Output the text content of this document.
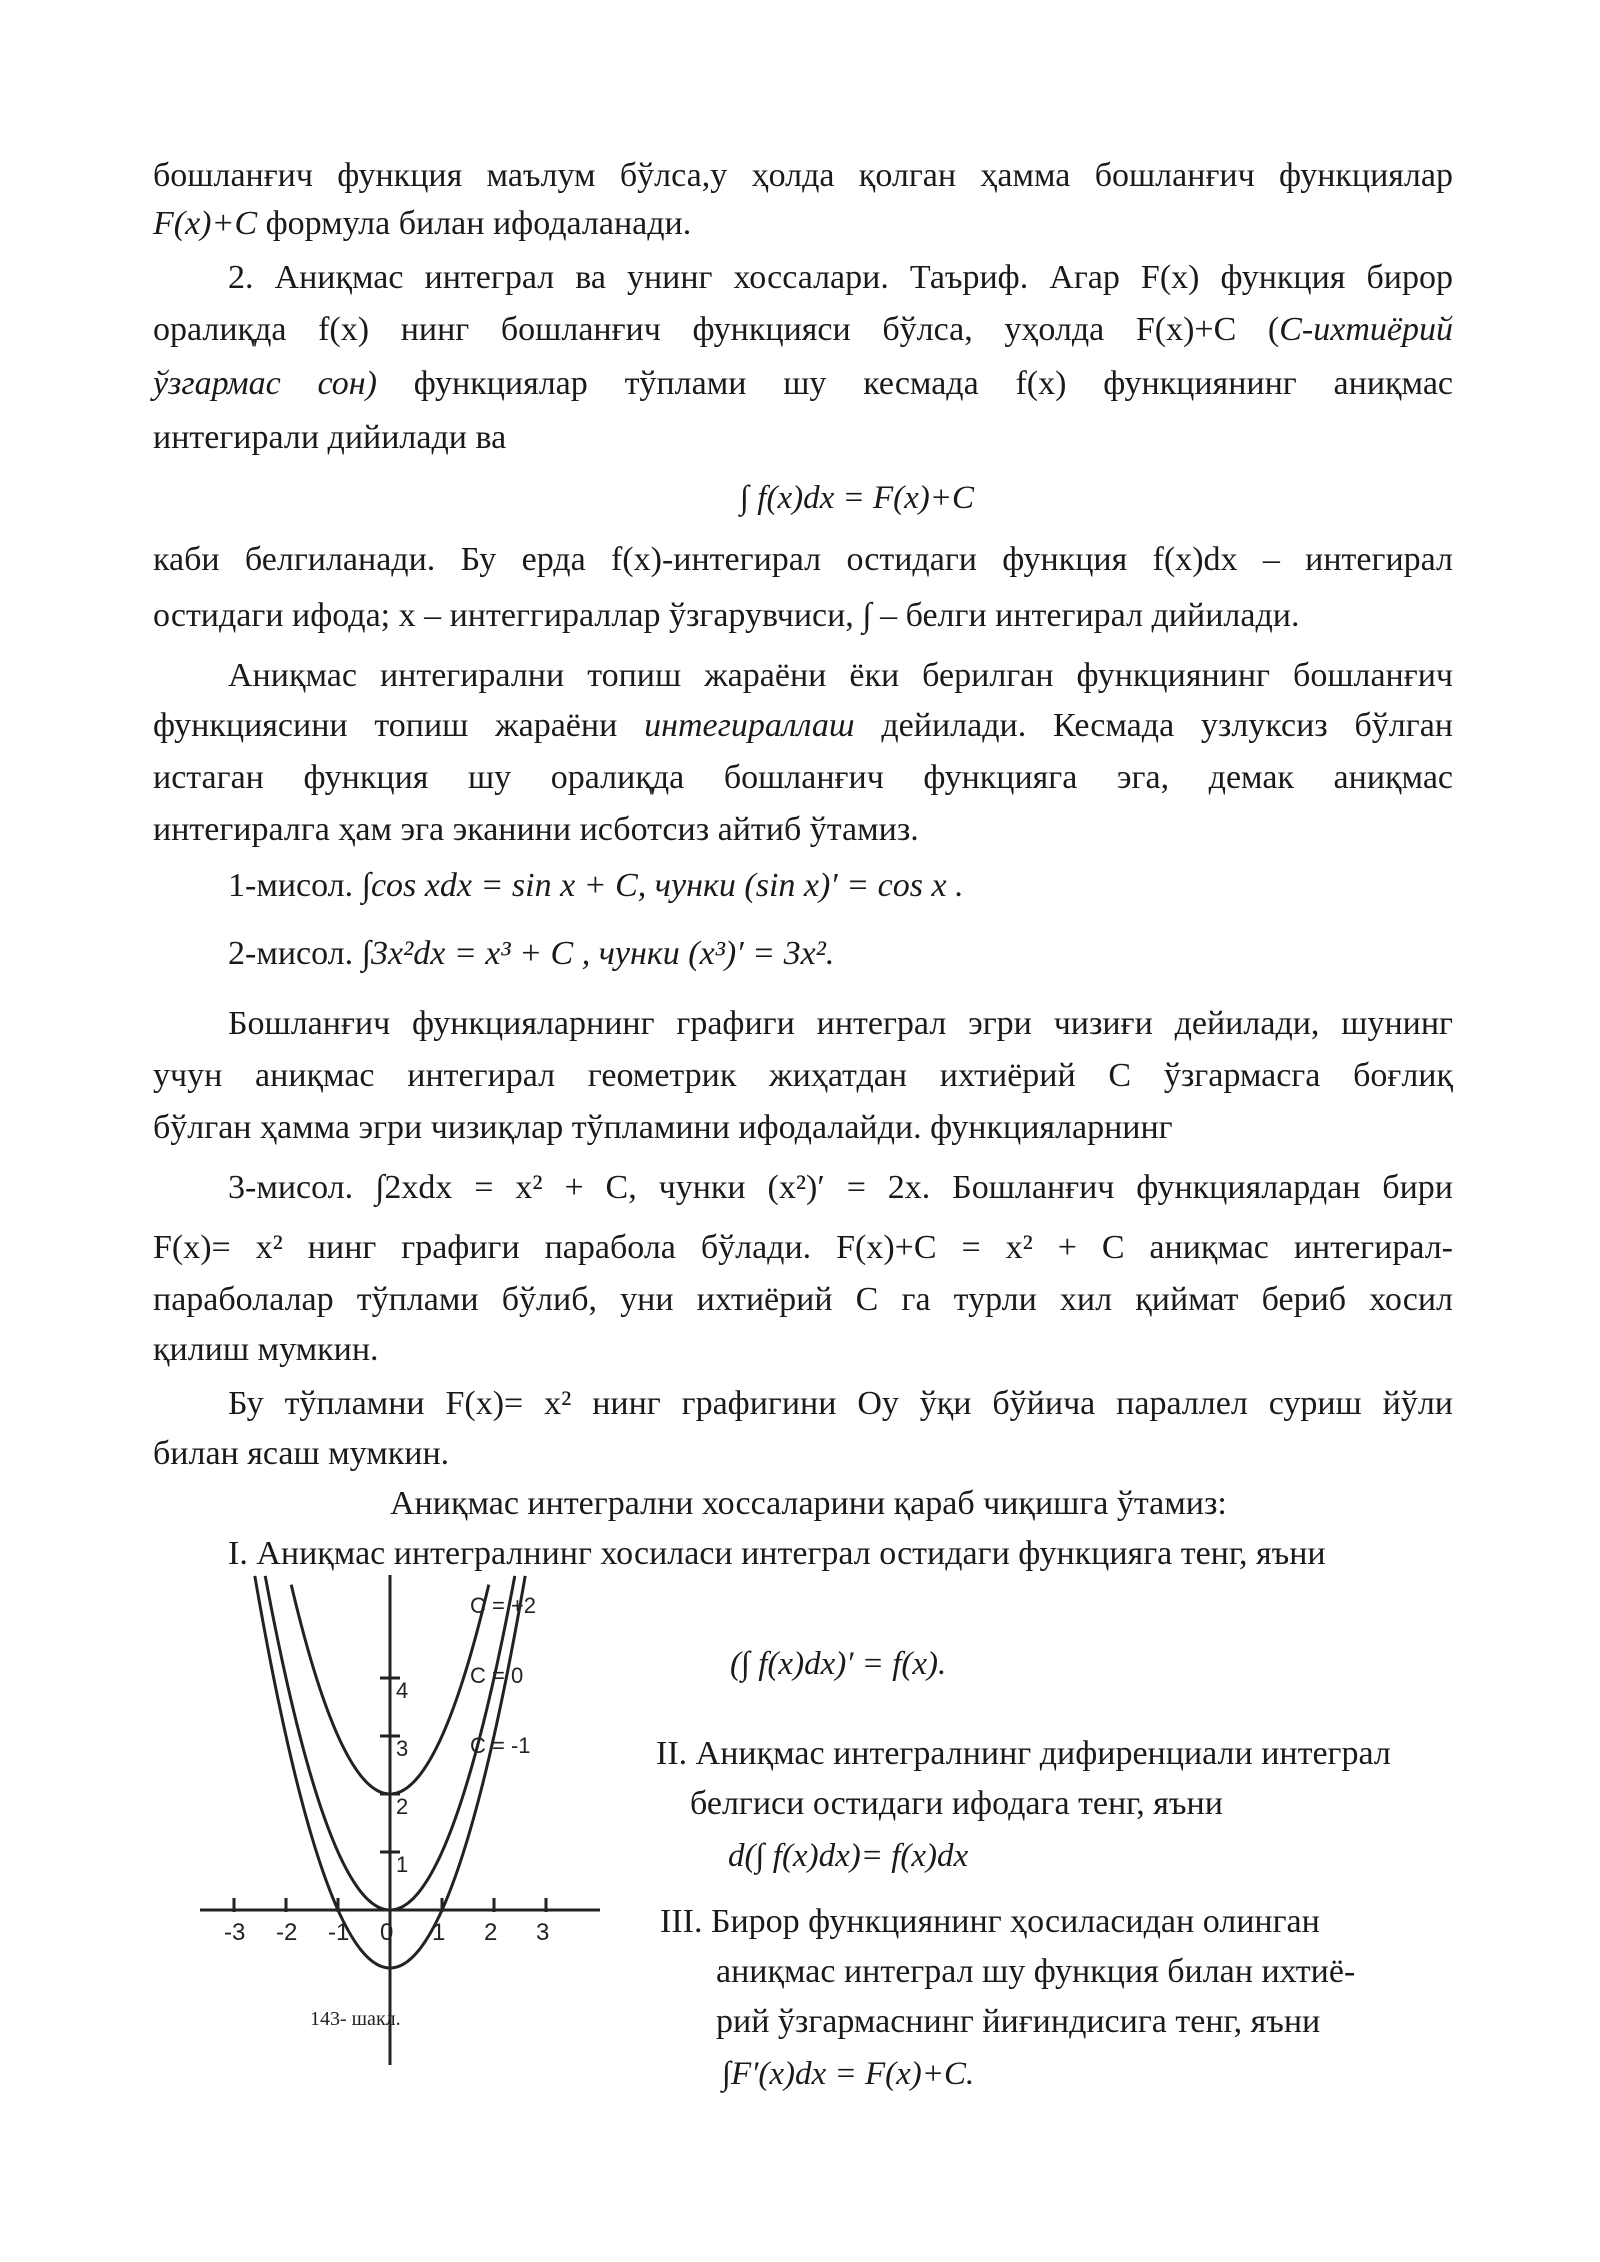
бошланғич функция маълум бўлса,у ҳолда қолган ҳамма бошланғич функциялар
F(x)+C формула билан ифодаланади.
2. Аниқмас интеграл ва унинг хоссалари. Таъриф. Агар F(x) функция бирор
оралиқда f(x) нинг бошланғич функцияси бўлса, уҳолда F(x)+C (С-ихтиёрий
ўзгармас сон) функциялар тўплами шу кесмада f(x) функциянинг аниқмас
интегирали дийилади ва
∫ f(x)dx = F(x)+C
каби белгиланади. Бу ерда f(x)-интегирал остидаги функция f(x)dx – интегирал
остидаги ифода; x – интеггираллар ўзгарувчиси, ∫ – белги интегирал дийилади.
Аниқмас интегирални топиш жараёни ёки берилган функциянинг бошланғич
функциясини топиш жараёни интегираллаш дейилади. Кесмада узлуксиз бўлган
истаган функция шу оралиқда бошланғич функцияга эга, демак аниқмас
интегиралга ҳам эга эканини исботсиз айтиб ўтамиз.
1-мисол. ∫cos xdx = sin x + C, чунки (sin x)′ = cos x .
2-мисол. ∫3x²dx = x³ + C , чунки (x³)′ = 3x².
Бошланғич функцияларнинг графиги интеграл эгри чизиғи дейилади, шунинг
учун аниқмас интегирал геометрик жиҳатдан ихтиёрий C ўзгармасга боғлиқ
бўлган ҳамма эгри чизиқлар тўпламини ифодалайди. функцияларнинг
3-мисол. ∫2xdx = x² + C, чунки (x²)′ = 2x. Бошланғич функциялардан бири
F(x)= x² нинг графиги парабола бўлади. F(x)+C = x² + C аниқмас интегирал-
параболалар тўплами бўлиб, уни ихтиёрий C га турли хил қиймат бериб хосил
қилиш мумкин.
Бу тўпламни F(x)= x² нинг графигини Oy ўқи бўйича параллел суриш йўли
билан ясаш мумкин.
Аниқмас интегрални хоссаларини қараб чиқишга ўтамиз:
I. Аниқмас интегралнинг хосиласи интеграл остидаги функцияга тенг, яъни
-3 -2 -1 0 1 2 3
1
2
3
4
C = +2
C = 0
C = -1
143- шакл.
(∫ f(x)dx)′ = f(x).
II. Аниқмас интегралнинг дифиренциали интеграл
белгиси остидаги ифодага тенг, яъни
d(∫ f(x)dx)= f(x)dx
III. Бирор функциянинг ҳосиласидан олинган
аниқмас интеграл шу функция билан ихтиё-
рий ўзгармаснинг йиғиндисига тенг, яъни
∫F′(x)dx = F(x)+C.
